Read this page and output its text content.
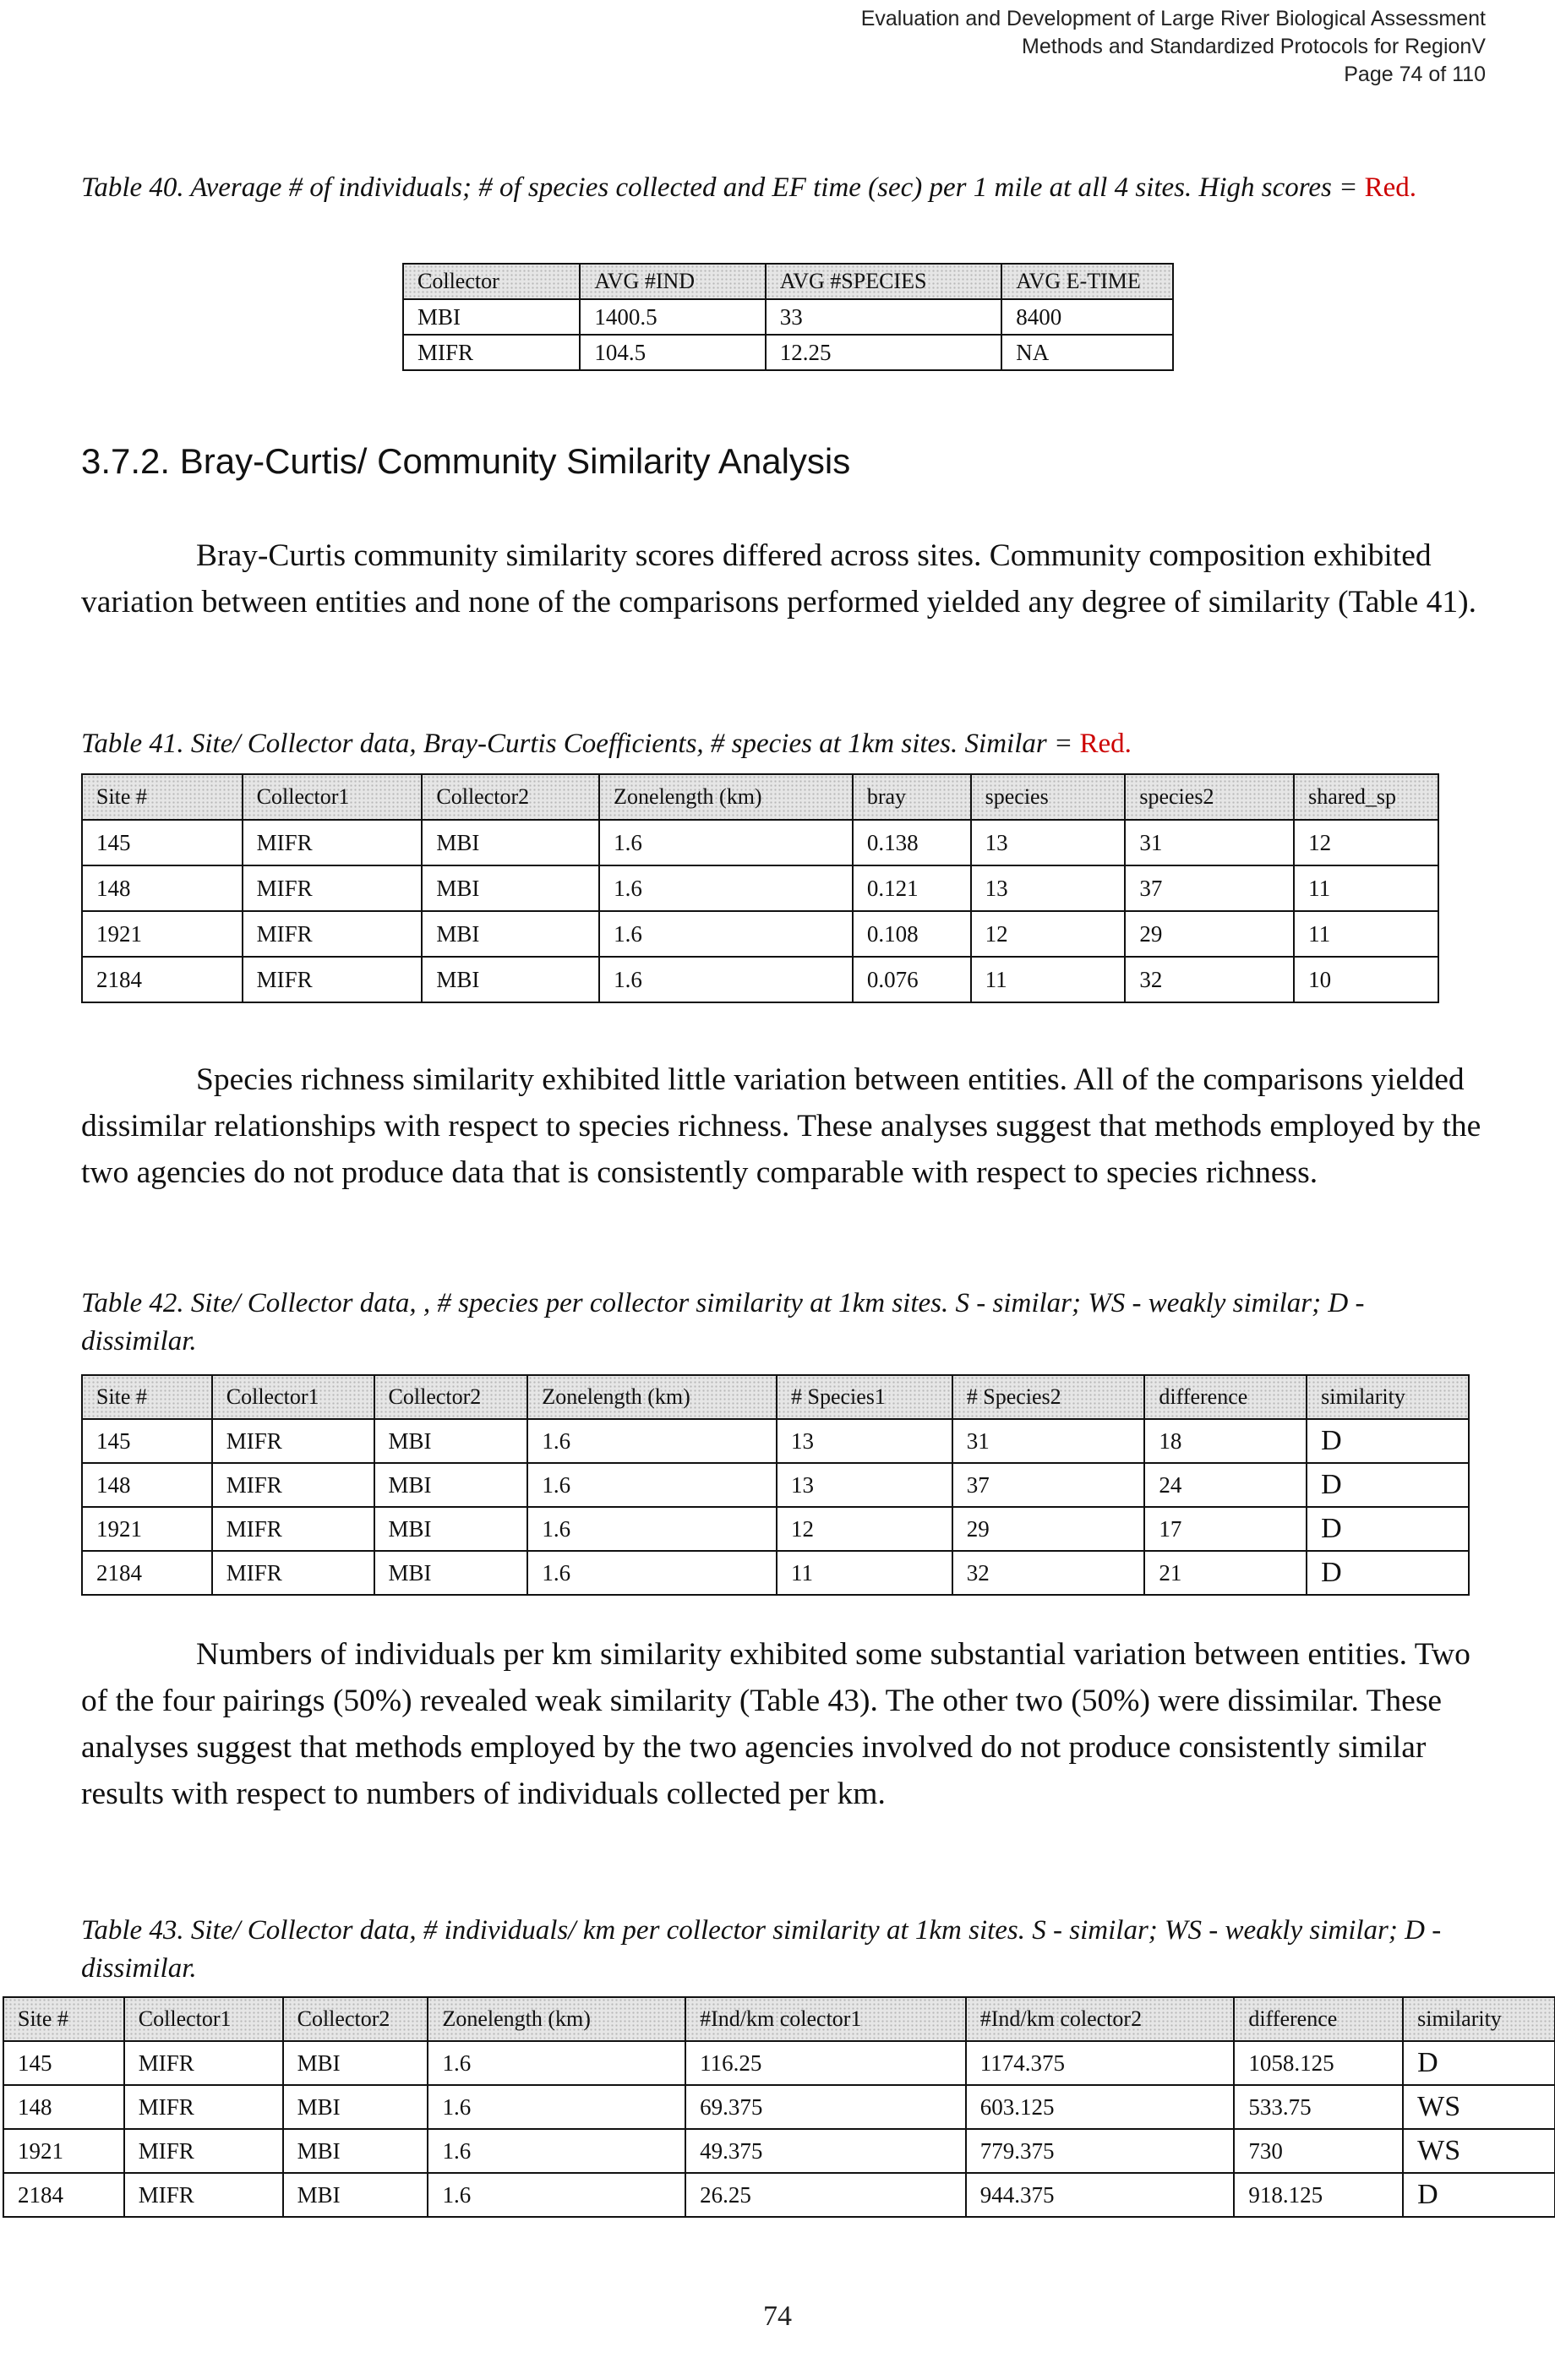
Evaluation and Development of Large River Biological Assessment
Methods and Standardized Protocols for RegionV
Page 74 of 110
Table 40. Average # of individuals; # of species collected and EF time (sec) per 1 mile at all 4 sites. High scores = Red.
Collector	AVG #IND	AVG #SPECIES	AVG E-TIME
MBI	1400.5	33	8400
MIFR	104.5	12.25	NA
3.7.2. Bray-Curtis/ Community Similarity Analysis
Bray-Curtis community similarity scores differed across sites. Community composition exhibited variation between entities and none of the comparisons performed yielded any degree of similarity (Table 41).
Table 41. Site/ Collector data, Bray-Curtis Coefficients, # species at 1km sites. Similar = Red.
Site #	Collector1	Collector2	Zonelength (km)	bray	species	species2	shared_sp
145	MIFR	MBI	1.6	0.138	13	31	12
148	MIFR	MBI	1.6	0.121	13	37	11
1921	MIFR	MBI	1.6	0.108	12	29	11
2184	MIFR	MBI	1.6	0.076	11	32	10
Species richness similarity exhibited little variation between entities. All of the comparisons yielded dissimilar relationships with respect to species richness. These analyses suggest that methods employed by the two agencies do not produce data that is consistently comparable with respect to species richness.
Table 42. Site/ Collector data, , # species per collector similarity at 1km sites. S - similar; WS - weakly similar; D - dissimilar.
Site #	Collector1	Collector2	Zonelength (km)	# Species1	# Species2	difference	similarity
145	MIFR	MBI	1.6	13	31	18	D
148	MIFR	MBI	1.6	13	37	24	D
1921	MIFR	MBI	1.6	12	29	17	D
2184	MIFR	MBI	1.6	11	32	21	D
Numbers of individuals per km similarity exhibited some substantial variation between entities. Two of the four pairings (50%) revealed weak similarity (Table 43). The other two (50%) were dissimilar. These analyses suggest that methods employed by the two agencies involved do not produce consistently similar results with respect to numbers of individuals collected per km.
Table 43. Site/ Collector data, # individuals/ km per collector similarity at 1km sites. S - similar; WS - weakly similar; D - dissimilar.
Site #	Collector1	Collector2	Zonelength (km)	#Ind/km colector1	#Ind/km colector2	difference	similarity
145	MIFR	MBI	1.6	116.25	1174.375	1058.125	D
148	MIFR	MBI	1.6	69.375	603.125	533.75	WS
1921	MIFR	MBI	1.6	49.375	779.375	730	WS
2184	MIFR	MBI	1.6	26.25	944.375	918.125	D
74
